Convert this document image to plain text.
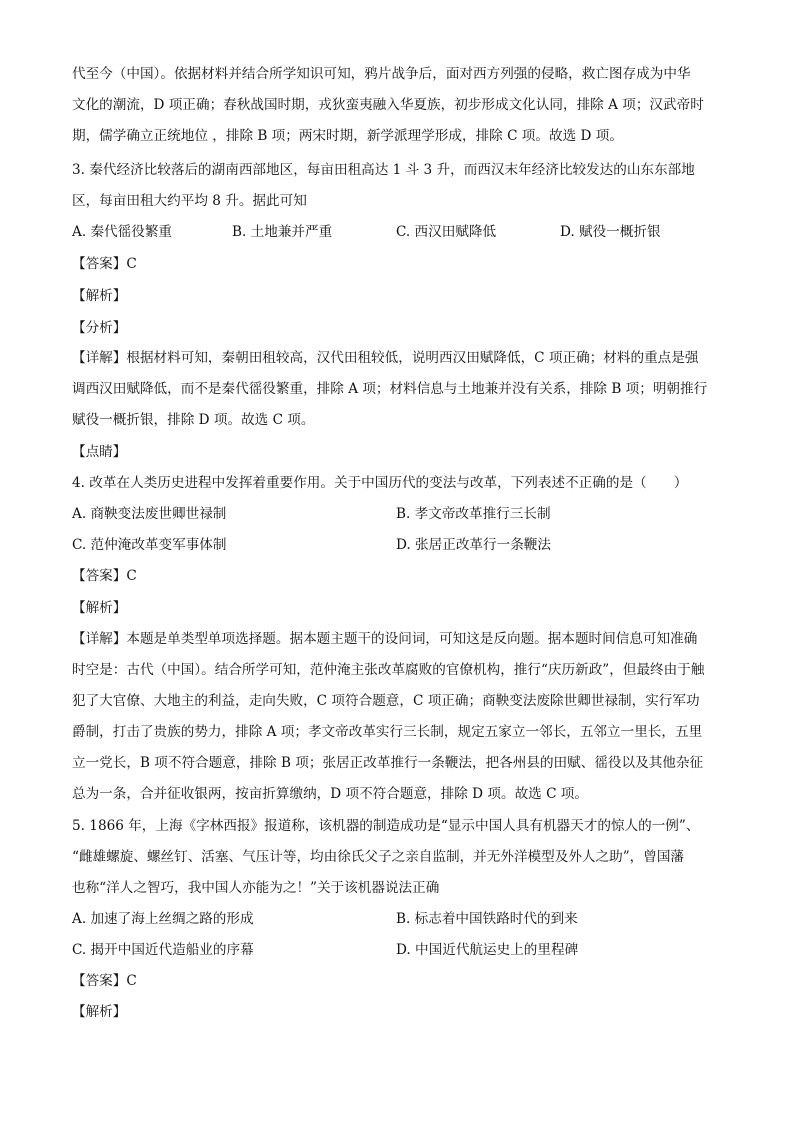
代至今（中国）。依据材料并结合所学知识可知，鸦片战争后，面对西方列强的侵略，救亡图存成为中华
文化的潮流，D 项正确；春秋战国时期，戎狄蛮夷融入华夏族，初步形成文化认同，排除 A 项；汉武帝时
期，儒学确立正统地位 ，排除 B 项；两宋时期，新学派理学形成，排除 C 项。故选 D 项。
3. 秦代经济比较落后的湖南西部地区，每亩田租高达 1 斗 3 升，而西汉末年经济比较发达的山东东部地
区，每亩田租大约平均 8 升。据此可知
A. 秦代徭役繁重	B. 土地兼并严重	C. 西汉田赋降低	D. 赋役一概折银
【答案】C
【解析】
【分析】
【详解】根据材料可知，秦朝田租较高，汉代田租较低，说明西汉田赋降低，C 项正确；材料的重点是强
调西汉田赋降低，而不是秦代徭役繁重，排除 A 项；材料信息与土地兼并没有关系，排除 B 项；明朝推行
赋役一概折银，排除 D 项。故选 C 项。
【点睛】
4. 改革在人类历史进程中发挥着重要作用。关于中国历代的变法与改革，下列表述不正确的是（　　）
A. 商鞅变法废世卿世禄制	B. 孝文帝改革推行三长制
C. 范仲淹改革变军事体制	D. 张居正改革行一条鞭法
【答案】C
【解析】
【详解】本题是单类型单项选择题。据本题主题干的设问词，可知这是反向题。据本题时间信息可知准确
时空是：古代（中国）。结合所学可知，范仲淹主张改革腐败的官僚机构，推行“庆历新政”，但最终由于触
犯了大官僚、大地主的利益，走向失败，C 项符合题意，C 项正确；商鞅变法废除世卿世禄制，实行军功
爵制，打击了贵族的势力，排除 A 项；孝文帝改革实行三长制，规定五家立一邻长，五邻立一里长，五里
立一党长，B 项不符合题意，排除 B 项；张居正改革推行一条鞭法，把各州县的田赋、徭役以及其他杂征
总为一条，合并征收银两，按亩折算缴纳，D 项不符合题意，排除 D 项。故选 C 项。
5. 1866 年，上海《字林西报》报道称，该机器的制造成功是“显示中国人具有机器天才的惊人的一例”、
“雌雄螺旋、螺丝钉、活塞、气压计等，均由徐氏父子之亲自监制，并无外洋模型及外人之助”，曾国藩
也称“洋人之智巧，我中国人亦能为之！”关于该机器说法正确
A. 加速了海上丝绸之路的形成	B. 标志着中国铁路时代的到来
C. 揭开中国近代造船业的序幕	D. 中国近代航运史上的里程碑
【答案】C
【解析】
